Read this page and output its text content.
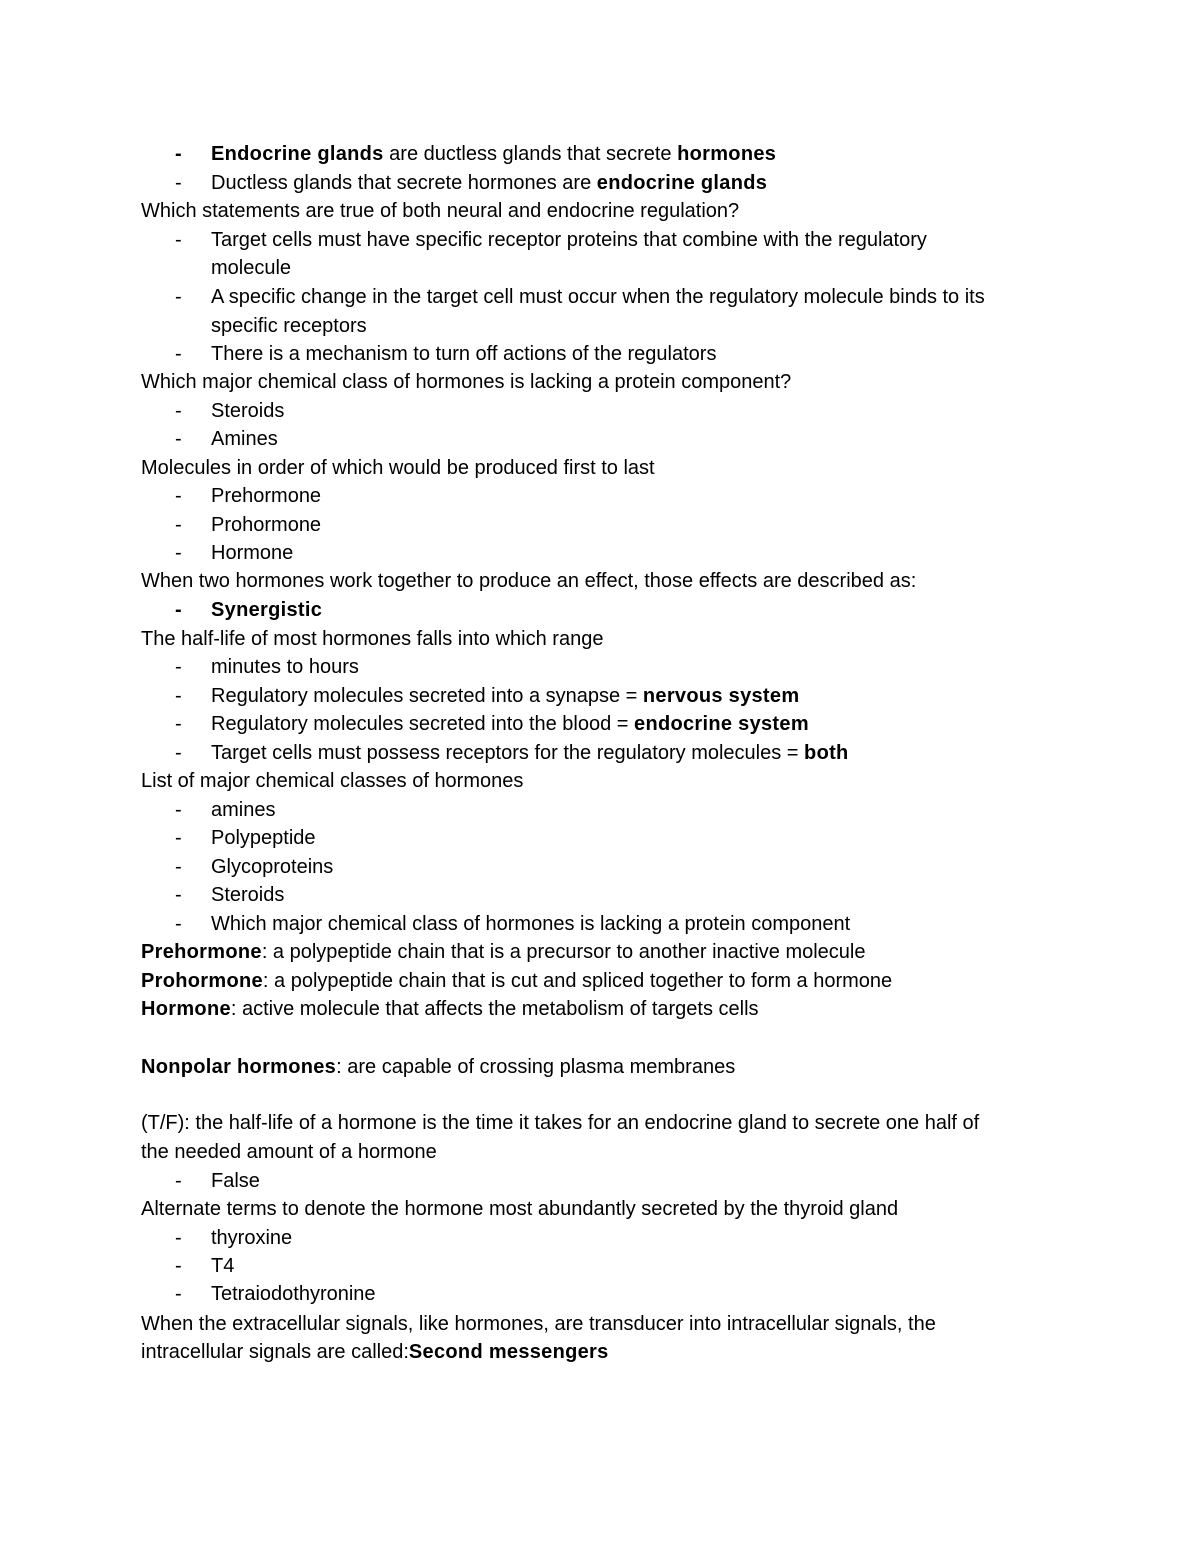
- Endocrine glands are ductless glands that secrete hormones
- Ductless glands that secrete hormones are endocrine glands
Which statements are true of both neural and endocrine regulation?
- Target cells must have specific receptor proteins that combine with the regulatory
molecule
- A specific change in the target cell must occur when the regulatory molecule binds to its
specific receptors
- There is a mechanism to turn off actions of the regulators
Which major chemical class of hormones is lacking a protein component?
- Steroids
- Amines
Molecules in order of which would be produced first to last
- Prehormone
- Prohormone
- Hormone
When two hormones work together to produce an effect, those effects are described as:
- Synergistic
The half-life of most hormones falls into which range
- minutes to hours
- Regulatory molecules secreted into a synapse = nervous system
- Regulatory molecules secreted into the blood = endocrine system
- Target cells must possess receptors for the regulatory molecules = both
List of major chemical classes of hormones
- amines
- Polypeptide
- Glycoproteins
- Steroids
- Which major chemical class of hormones is lacking a protein component
Prehormone: a polypeptide chain that is a precursor to another inactive molecule
Prohormone: a polypeptide chain that is cut and spliced together to form a hormone
Hormone: active molecule that affects the metabolism of targets cells
Nonpolar hormones: are capable of crossing plasma membranes
(T/F): the half-life of a hormone is the time it takes for an endocrine gland to secrete one half of
the needed amount of a hormone
- False
Alternate terms to denote the hormone most abundantly secreted by the thyroid gland
- thyroxine
- T4
- Tetraiodothyronine
When the extracellular signals, like hormones, are transducer into intracellular signals, the
intracellular signals are called:Second messengers
